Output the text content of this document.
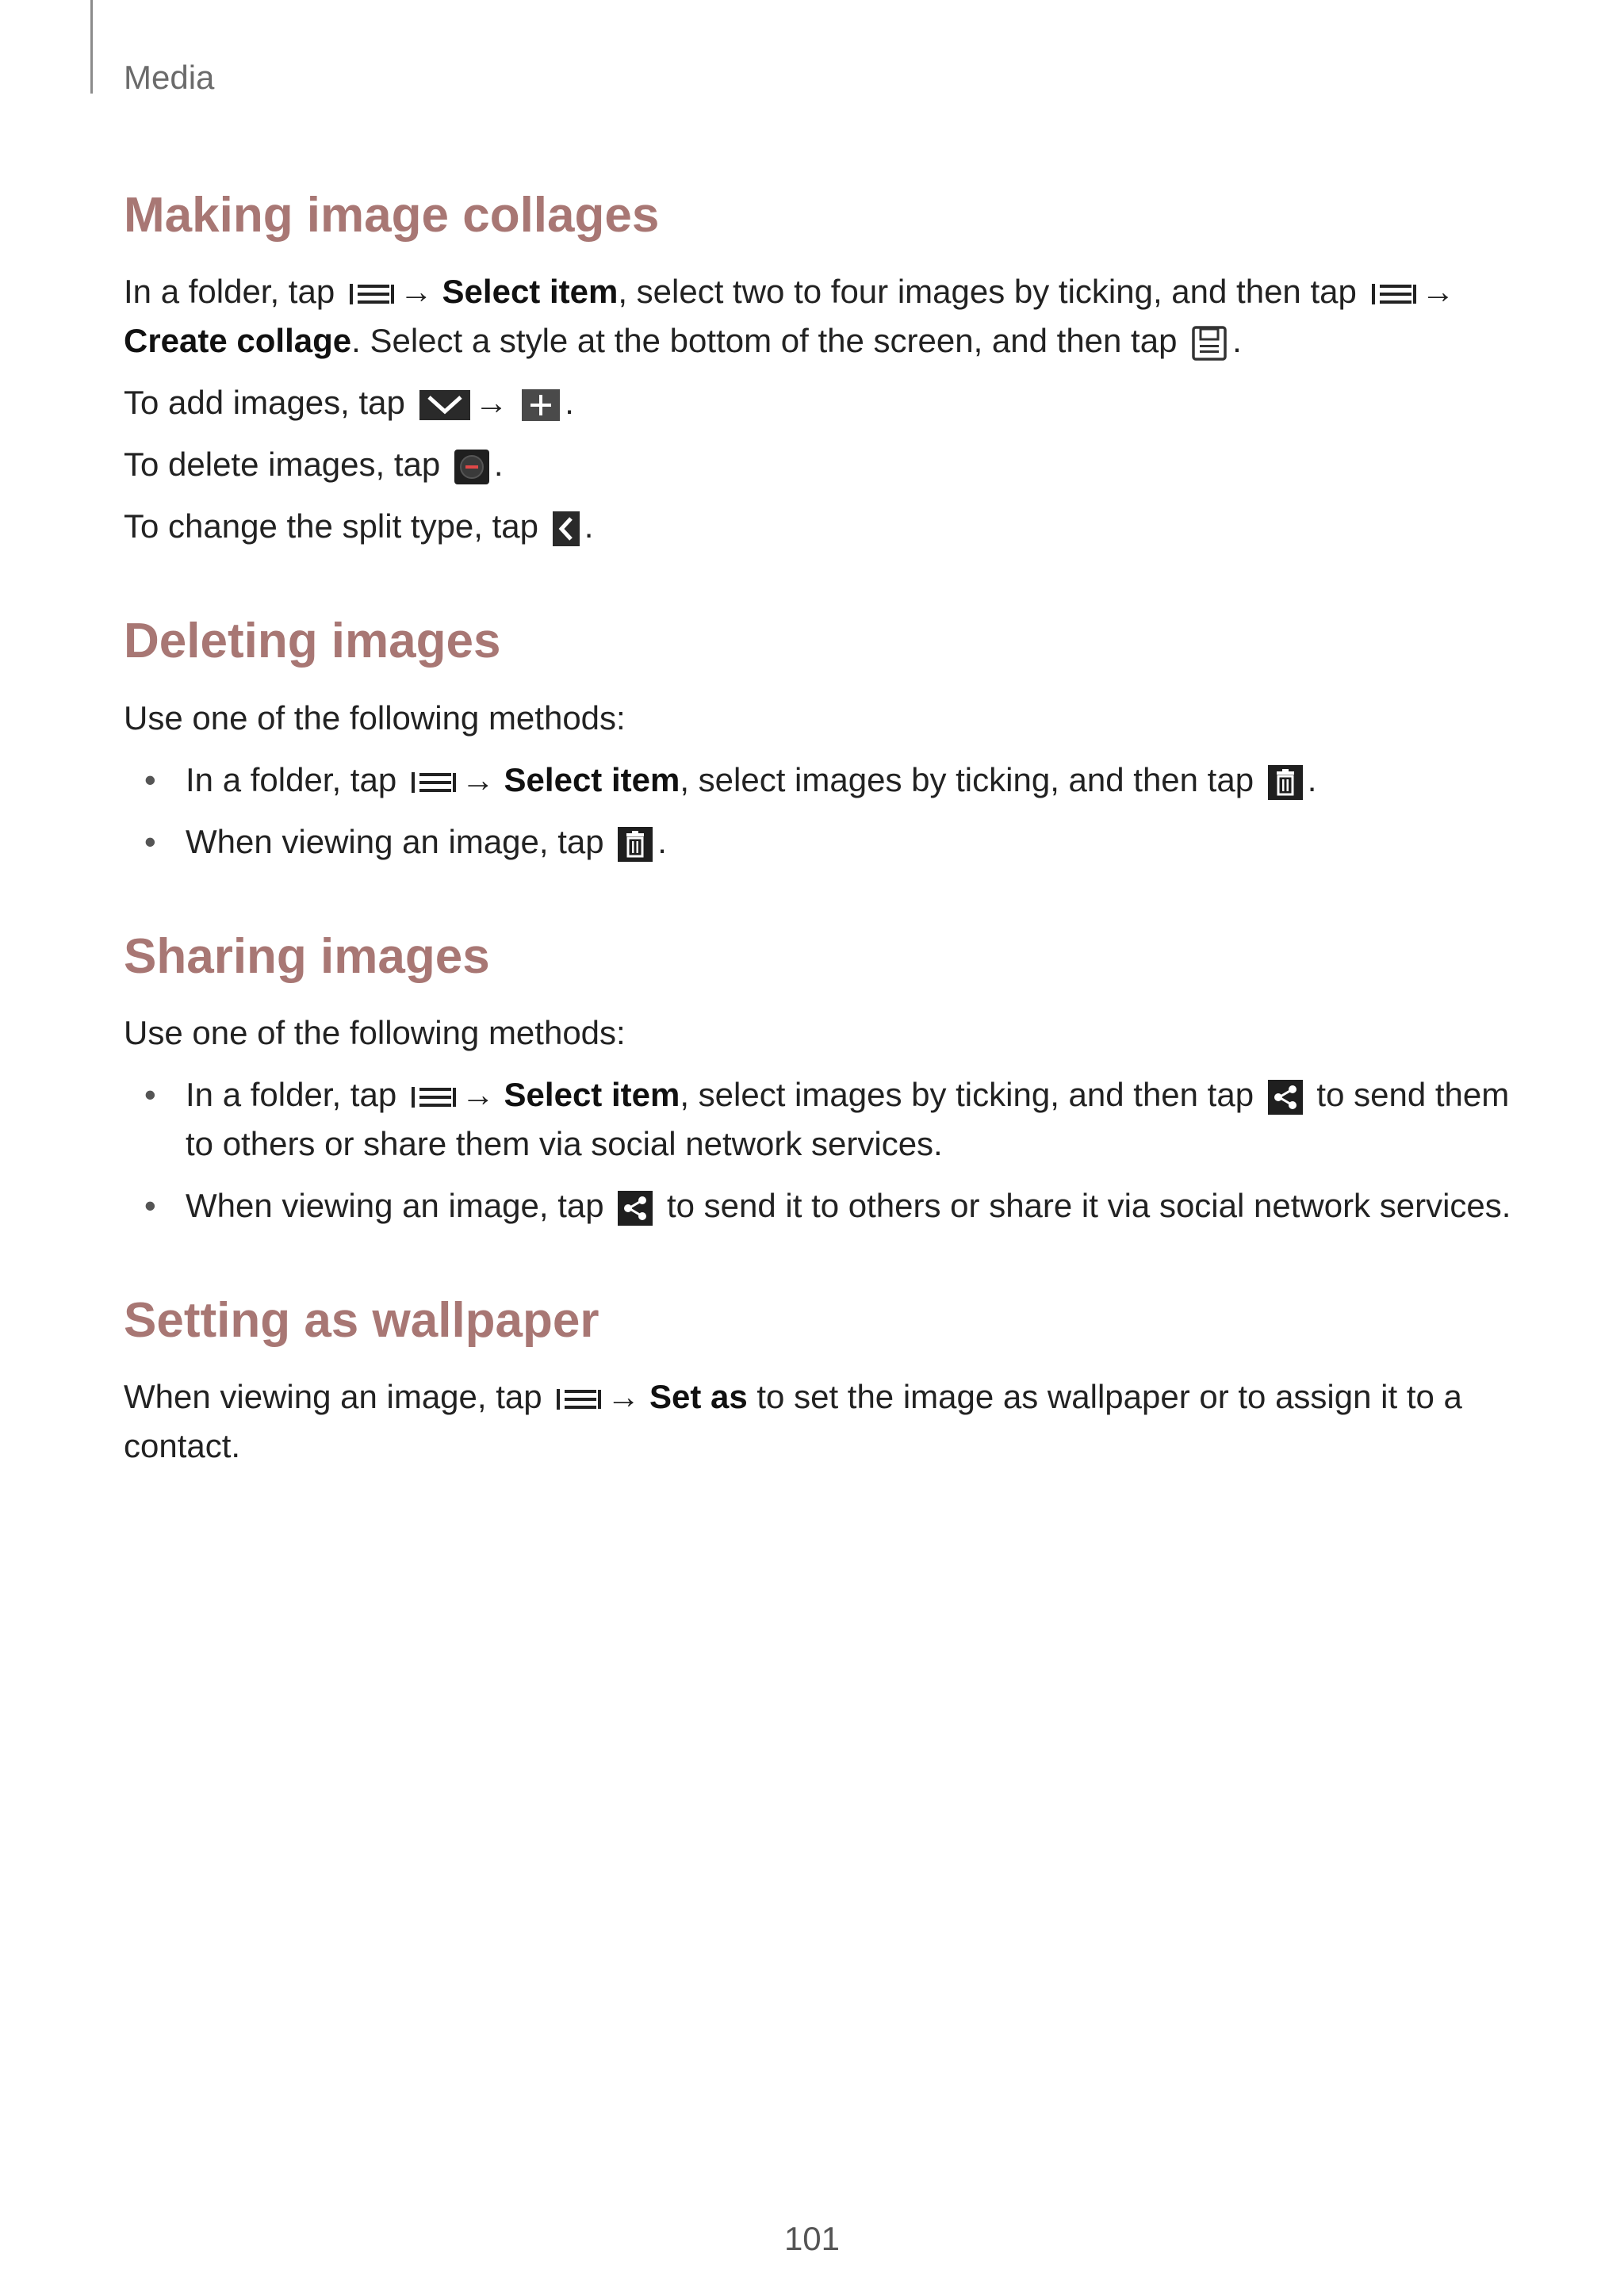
Media
Making image collages

In a folder, tap → Select item, select two to four images by ticking, and then tap → Create collage. Select a style at the bottom of the screen, and then tap .

To add images, tap → .

To delete images, tap .

To change the split type, tap .

Deleting images

Use one of the following methods:

• In a folder, tap → Select item, select images by ticking, and then tap .
• When viewing an image, tap .
Sharing images

Use one of the following methods:

• In a folder, tap → Select item, select images by ticking, and then tap to send them to others or share them via social network services.
• When viewing an image, tap to send it to others or share it via social network services.
Setting as wallpaper

When viewing an image, tap → Set as to set the image as wallpaper or to assign it to a contact.

101
